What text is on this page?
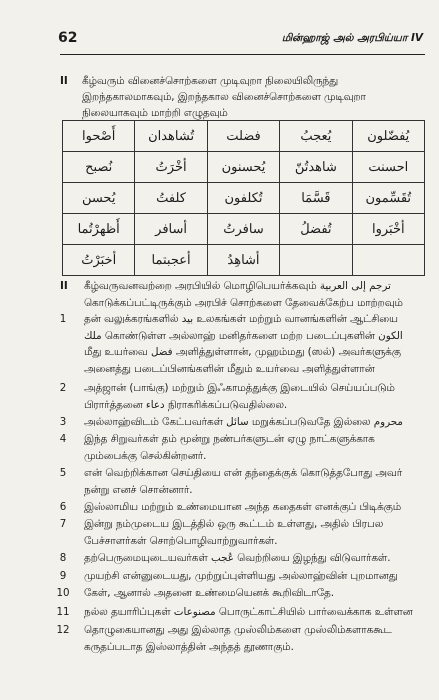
62	மின்ஹாஜ் அல் அரபிய்யா IV
II கீழ்வரும் வினைச்சொற்களை முடிவுறா நிலையிலிருந்து இறந்தகாலமாகவும், இறந்தகால வினைச்சொற்களை முடிவுறா நிலையாகவும் மாற்றி எழுதவும்
أَصْحوا	تُشاهدان	فضلت	يُعجبُ	يُفضّلون
نُصبح	أخْرَتُ	يُحسنون	شاهدتُنّ	احسنت
يُحسن	كلفتُ	تُكلفون	قَسَّمَا	تُقَسِّمون
أَظهرْتُما	أسافر	سافرتُ	تُفضلُ	أخْبَروا
أخبَرْتُ	أعجبتما	أشاهِدُ		
II கீழ்வருவனவற்றை அரபியில் மொழிபெயர்க்கவும் ترجم إلى العربية
கொடுக்கப்பட்டிருக்கும் அரபிச் சொற்களை தேவைக்கேற்ப மாற்றவும்
1	தன் வலுக்கரங்களில் بيد உலகங்கள் மற்றும் வானங்களின் ஆட்சியை
ملك கொண்டுள்ள அல்லாஹ் மனிதர்களை மற்ற படைப்புகளின் الكون
மீது உயர்வை فضل அளித்துள்ளான், முஹம்மது (ஸல்) அவர்களுக்கு
அனைத்து படைப்பினங்களின் மீதும் உயர்வை அளித்துள்ளான்
2	அத்ஜான் (பாங்கு) மற்றும் இஃகாமத்துக்கு இடையில் செய்யப்படும்
பிரார்த்தனை دعاء நிராகரிக்கப்படுவதில்லை.
3	அல்லாஹ்விடம் கேட்பவர்கள் سائل மறுக்கப்படுவதே இல்லை محروم
4	இந்த சிறுவர்கள் தம் மூன்று நண்பர்களுடன் ஏழு நாட்களுக்காக
மும்பைக்கு செல்கின்றனர்.
5	என் வெற்றிக்கான செய்தியை என் தந்தைக்குக் கொடுத்தபோது அவர்
நன்று எனச் சொன்னார்.
6	இஸ்லாமிய மற்றும் உண்மையான அந்த கதைகள் எனக்குப் பிடிக்கும்
7	இன்று நம்முடைய இடத்தில் ஒரு கூட்டம் உள்ளது, அதில் பிரபல
பேச்சாளர்கள் சொற்பொழிவாற்றுவார்கள்.
8	தற்பெருமையுடையவர்கள் عُجب வெற்றியை இழந்து விடுவார்கள்.
9	முயற்சி என்னுடையது, முற்றுப்புள்ளியது அல்லாஹ்வின் புறமானது
10 கேள், ஆனால் அதனை உண்மையெனக் கூறிவிடாதே.
11 நல்ல தயாரிப்புகள் مصنوعات பொருட்காட்சியில் பார்வைக்காக உள்ளன
12 தொழுகையானது அது இல்லாத முஸ்லிம்களை முஸ்லிம்களாககூட
கருதப்படாத இஸ்லாத்தின் அந்தத் தூணாகும்.
